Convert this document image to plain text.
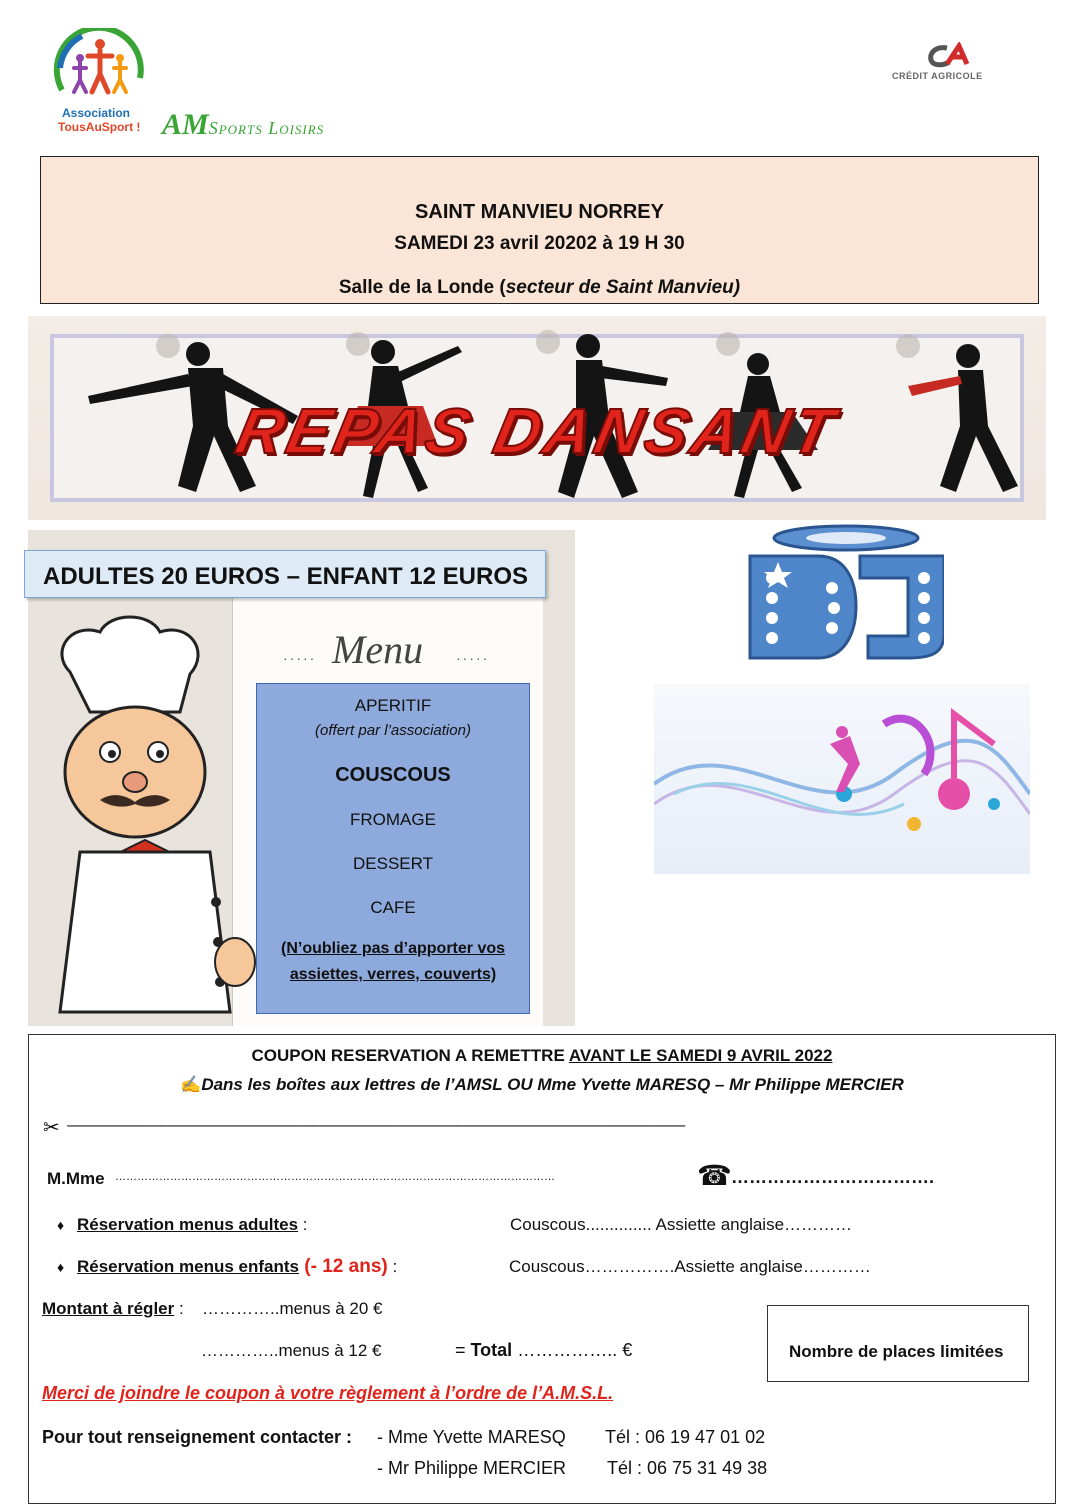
Association
TousAuSport ! AMSports Loisirs
CRÉDIT AGRICOLE
SAINT MANVIEU NORREY
SAMEDI 23 avril 20202 à 19 H 30
Salle de la Londe (secteur de Saint Manvieu)
REPAS DANSANT
ADULTES 20 EUROS – ENFANT 12 EUROS
····· Menu ·····
APERITIF
(offert par l’association)
COUSCOUS
FROMAGE
DESSERT
CAFE
(N’oubliez pas d’apporter vos
assiettes, verres, couverts)
COUPON RESERVATION A REMETTRE AVANT LE SAMEDI 9 AVRIL 2022
✍Dans les boîtes aux lettres de l’AMSL OU Mme Yvette MARESQ – Mr Philippe MERCIER
✂ –––––––––––––––––––––––––––––––––––––––––––––––––––––––––––––––––––––––––
M.Mme …………………………………………………………………………………………………………	☎ …………………………….
♦ Réservation menus adultes :	Couscous.............. Assiette anglaise…………
♦ Réservation menus enfants (- 12 ans) :	Couscous…………….Assiette anglaise…………
Montant à régler : …………..menus à 20 €
…………..menus à 12 €	= Total …………….. €
Merci de joindre le coupon à votre règlement à l’ordre de l’A.M.S.L.
Pour tout renseignement contacter : - Mme Yvette MARESQ Tél : 06 19 47 01 02
- Mr Philippe MERCIER Tél : 06 75 31 49 38
Nombre de places limitées
